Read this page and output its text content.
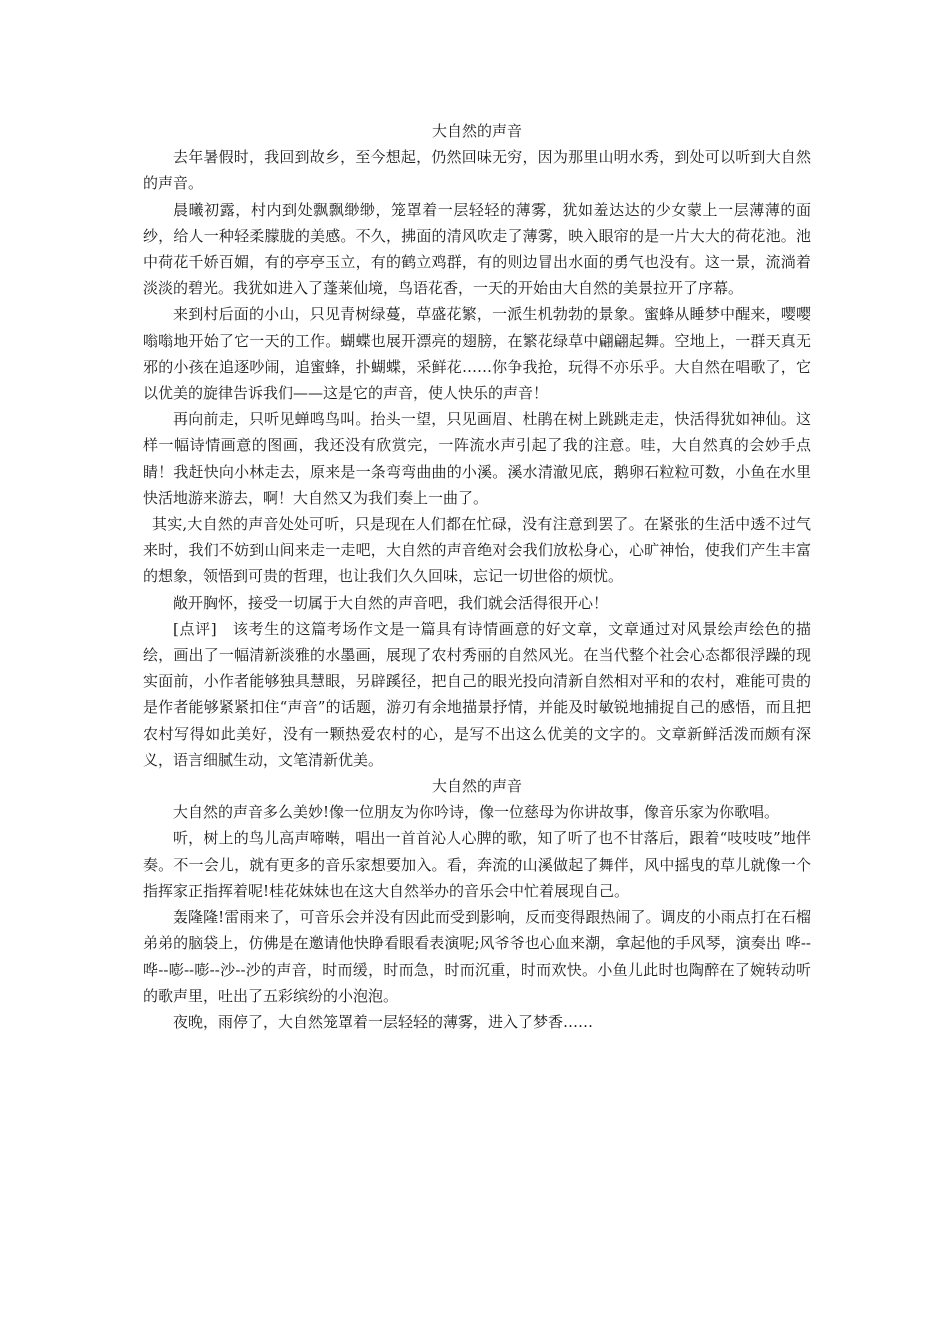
大自然的声音

去年暑假时，我回到故乡，至今想起，仍然回味无穷，因为那里山明水秀，到处可以听到大自然的声音。

晨曦初露，村内到处飘飘缈缈，笼罩着一层轻轻的薄雾，犹如羞达达的少女蒙上一层薄薄的面纱，给人一种轻柔朦胧的美感。不久，拂面的清风吹走了薄雾，映入眼帘的是一片大大的荷花池。池中荷花千娇百媚，有的亭亭玉立，有的鹤立鸡群，有的则边冒出水面的勇气也没有。这一景，流淌着淡淡的碧光。我犹如进入了蓬莱仙境，鸟语花香，一天的开始由大自然的美景拉开了序幕。

来到村后面的小山，只见青树绿蔓，草盛花繁，一派生机勃勃的景象。蜜蜂从睡梦中醒来，嘤嘤嗡嗡地开始了它一天的工作。蝴蝶也展开漂亮的翅膀，在繁花绿草中翩翩起舞。空地上，一群天真无邪的小孩在追逐吵闹，追蜜蜂，扑蝴蝶，采鲜花……你争我抢，玩得不亦乐乎。大自然在唱歌了，它以优美的旋律告诉我们——这是它的声音，使人快乐的声音！

再向前走，只听见蝉鸣鸟叫。抬头一望，只见画眉、杜鹃在树上跳跳走走，快活得犹如神仙。这样一幅诗情画意的图画，我还没有欣赏完，一阵流水声引起了我的注意。哇，大自然真的会妙手点睛！我赶快向小林走去，原来是一条弯弯曲曲的小溪。溪水清澈见底，鹅卵石粒粒可数，小鱼在水里快活地游来游去，啊！大自然又为我们奏上一曲了。

其实,大自然的声音处处可听，只是现在人们都在忙碌，没有注意到罢了。在紧张的生活中透不过气来时，我们不妨到山间来走一走吧，大自然的声音绝对会我们放松身心，心旷神怡，使我们产生丰富的想象，领悟到可贵的哲理，也让我们久久回味，忘记一切世俗的烦忧。

敞开胸怀，接受一切属于大自然的声音吧，我们就会活得很开心！

[点评]　该考生的这篇考场作文是一篇具有诗情画意的好文章，文章通过对风景绘声绘色的描绘，画出了一幅清新淡雅的水墨画，展现了农村秀丽的自然风光。在当代整个社会心态都很浮躁的现实面前，小作者能够独具慧眼，另辟蹊径，把自己的眼光投向清新自然相对平和的农村，难能可贵的是作者能够紧紧扣住“声音”的话题，游刃有余地描景抒情，并能及时敏锐地捕捉自己的感悟，而且把农村写得如此美好，没有一颗热爱农村的心，是写不出这么优美的文字的。文章新鲜活泼而颇有深义，语言细腻生动，文笔清新优美。

大自然的声音

大自然的声音多么美妙!像一位朋友为你吟诗，像一位慈母为你讲故事，像音乐家为你歌唱。

听，树上的鸟儿高声啼啭，唱出一首首沁人心脾的歌，知了听了也不甘落后，跟着“吱吱吱”地伴奏。不一会儿，就有更多的音乐家想要加入。看，奔流的山溪做起了舞伴，风中摇曳的草儿就像一个指挥家正指挥着呢!桂花妹妹也在这大自然举办的音乐会中忙着展现自己。

轰隆隆!雷雨来了，可音乐会并没有因此而受到影响，反而变得跟热闹了。调皮的小雨点打在石榴弟弟的脑袋上，仿佛是在邀请他快睁看眼看表演呢;风爷爷也心血来潮，拿起他的手风琴，演奏出 哗--哗--嘭--嘭--沙--沙的声音，时而缓，时而急，时而沉重，时而欢快。小鱼儿此时也陶醉在了婉转动听的歌声里，吐出了五彩缤纷的小泡泡。

夜晚，雨停了，大自然笼罩着一层轻轻的薄雾，进入了梦香……
